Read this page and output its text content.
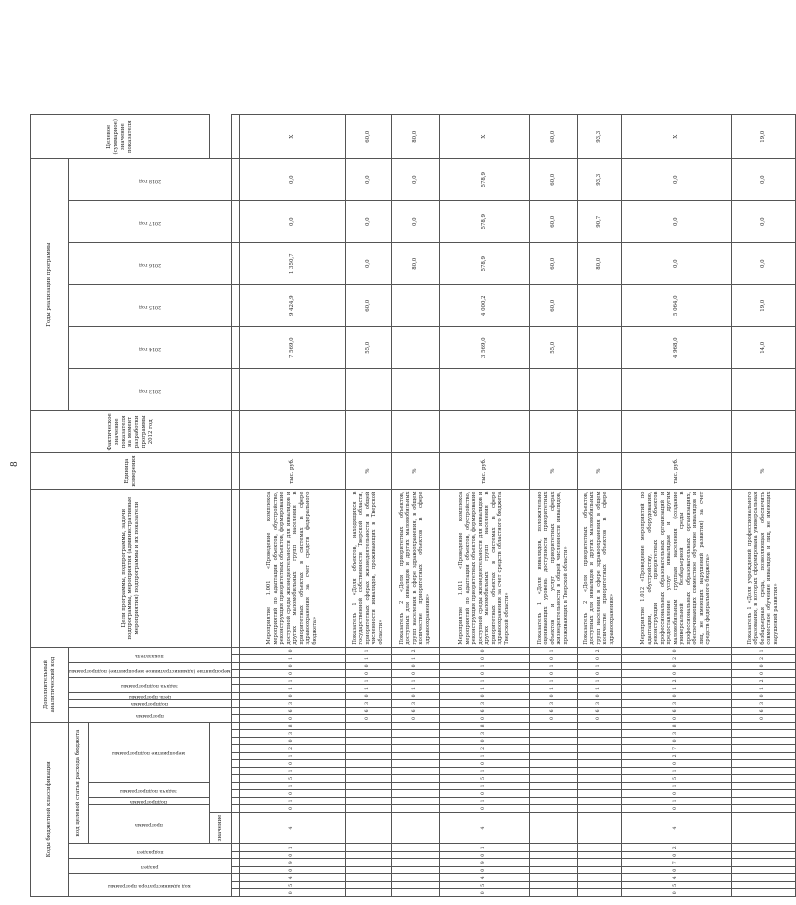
8
Коды бюджетной классификации																				Дополнительный аналитический код										Цели программы, подпрограммы, задачи подпрограммы, мероприятия (административные мероприятия) подпрограммы и их показатели	Единица измерения	Фактическое значение показателя на момент разработки программы 2012 год	Годы реализации программы						Целевое (суммарное) значение показателя

код администратора программы			раздел		подраздел		код целевой статьи расхода бюджета													программа		подпрограмма	цель программы	задача подпрограммы		мероприятие (административное мероприятие) подпрограммы		показатель					2013 год	2014 год	2015 год	2016 год	2017 год	2018 год	

							программа		подпрограмма	задача подпрограммы		мероприятие подпрограммы																											

							значение																																

0	5	4	0	9	0	1	4	0	1	0	1	5	1	0	1	2	0	3	8	0	6	3	0	1	1	0	0	1	0	Мероприятие 1.001 «Проведение комплекса мероприятий по адаптации объектов, обустройство, реконструкция приоритетных объектов, формирование доступной среды жизнедеятельности для инвалидов и других маломобильных групп населения в приоритетных объектах в системах в сфере здравоохранения за счет средств федерального бюджета»	тыс. руб.			7 569,0	9 424,9	1 350,7	0,0	0,0	Х
																				0	6	3	0	1	1	0	0	1	1	Показатель 1 «Доля объектов, находящихся в государственной собственности Тверской области, приоритетных сферах жизнедеятельности в общей численности инвалидов, проживающих в Тверской области»	%			55,0	60,0	0,0	0,0	0,0	60,0
																				0	6	3	0	1	1	0	0	1	2	Показатель 2 «Доля приоритетных объектов, доступных для инвалидов и других маломобильных групп населения в сфере здравоохранения, в общем количестве приоритетных объектов в сфере здравоохранения»	%					80,0	0,0	0,0	80,0
0	5	4	0	9	0	1	4	0	1	0	1	5	1	0	1	2	0	3	8	0	6	3	0	1	1	0	1	0	0	Мероприятие 1.011 «Проведение комплекса мероприятий по адаптации объектов, обустройство, реконструкция приоритетных объектов, формирование доступной среды жизнедеятельности для инвалидов и других маломобильных групп населения в приоритетных объектах в системах в сфере здравоохранения за счет средств областного бюджета Тверской области»	тыс. руб.			3 569,0	4 000,2	578,9	578,9	578,9	Х
																				0	6	3	0	1	1	0	1	0	1	Показатель 1 «Доля инвалидов, положительно оценивающих уровень доступности приоритетных объектов и услуг приоритетных сферах жизнедеятельности в общей численности инвалидов, проживающих в Тверской области»	%			55,0	60,0	60,0	60,0	60,0	60,0
																				0	6	3	0	1	1	0	1	0	2	Показатель 2 «Доля приоритетных объектов, доступных для инвалидов и других маломобильных групп населения в сфере здравоохранения в общем количестве приоритетных объектов в сфере здравоохранения»	%					80,0	90,7	93,3	93,3
0	5	4	0	7	0	2	4	0	1	0	1	5	1	0	2	7	0	3	8	0	6	3	0	1	2	0	0	2	0	Мероприятие 1.012 «Проведение мероприятий по адаптации, обустройству, оборудованию, реконструкции приоритетных объектов профессиональных образовательных организаций и предоставление услуг инвалидам и другим маломобильным группам населения (создание универсальной безбарьерной среды в профессиональных образовательных организациях, обеспечивающих совместное обучение инвалидов и лиц, не имеющих нарушений развития) за счет средств федерального бюджета»	тыс. руб.			4 968,0	5 064,0	0,0	0,0	0,0	Х
																				0	6	3	0	1	2	0	0	2	1	Показатель 1 «Доля учреждений профессионального образования, в которых сформирована универсальная безбарьерная среда, позволяющая обеспечить совместное обучение инвалидов и лиц, не имеющих нарушений развития»	%			14,0	19,0	0,0	0,0	0,0	19,0
